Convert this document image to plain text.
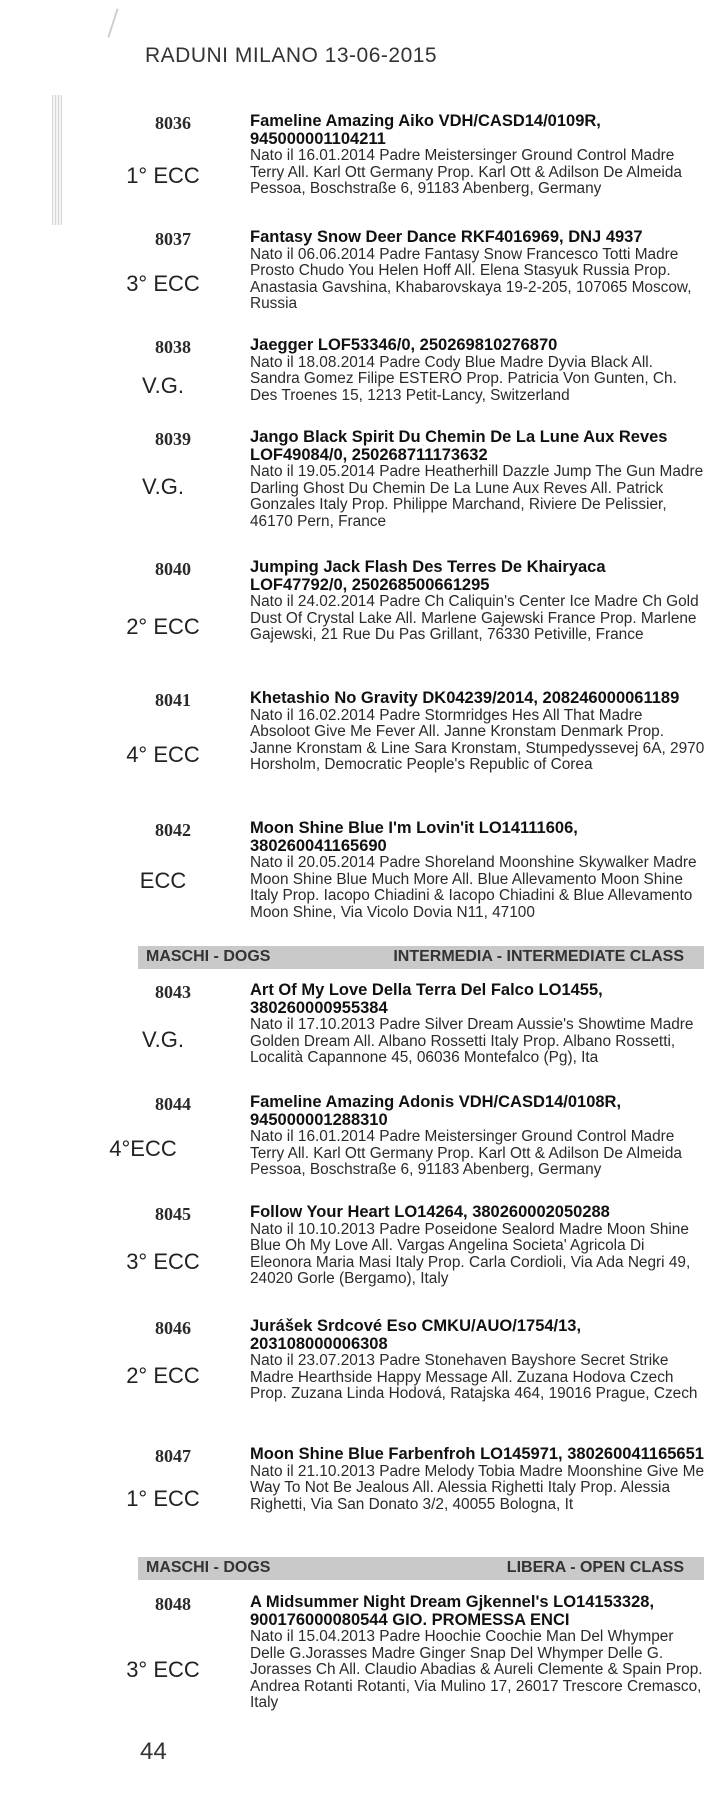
RADUNI MILANO 13-06-2015
8036
1° ECC
Fameline Amazing Aiko VDH/CASD14/0109R, 945000001104211
Nato il 16.01.2014 Padre Meistersinger Ground Control Madre Terry All. Karl Ott Germany Prop. Karl Ott & Adilson De Almeida Pessoa, Boschstraße 6, 91183 Abenberg, Germany
8037
3° ECC
Fantasy Snow Deer Dance RKF4016969, DNJ 4937
Nato il 06.06.2014 Padre Fantasy Snow Francesco Totti Madre Prosto Chudo You Helen Hoff All. Elena Stasyuk Russia Prop. Anastasia Gavshina, Khabarovskaya 19-2-205, 107065 Moscow, Russia
8038
V.G.
Jaegger LOF53346/0, 250269810276870
Nato il 18.08.2014 Padre Cody Blue Madre Dyvia Black All. Sandra Gomez Filipe ESTERO Prop. Patricia Von Gunten, Ch. Des Troenes 15, 1213 Petit-Lancy, Switzerland
8039
V.G.
Jango Black Spirit Du Chemin De La Lune Aux Reves LOF49084/0, 250268711173632
Nato il 19.05.2014 Padre Heatherhill Dazzle Jump The Gun Madre Darling Ghost Du Chemin De La Lune Aux Reves All. Patrick Gonzales Italy Prop. Philippe Marchand, Riviere De Pelissier, 46170 Pern, France
8040
2° ECC
Jumping Jack Flash Des Terres De Khairyaca LOF47792/0, 250268500661295
Nato il 24.02.2014 Padre Ch Caliquin's Center Ice Madre Ch Gold Dust Of Crystal Lake All. Marlene Gajewski France Prop. Marlene Gajewski, 21 Rue Du Pas Grillant, 76330 Petiville, France
8041
4° ECC
Khetashio No Gravity DK04239/2014, 208246000061189
Nato il 16.02.2014 Padre Stormridges Hes All That Madre Absoloot Give Me Fever All. Janne Kronstam Denmark Prop. Janne Kronstam & Line Sara Kronstam, Stumpedyssevej 6A, 2970 Horsholm, Democratic People's Republic of Corea
8042
ECC
Moon Shine Blue I'm Lovin'it LO14111606, 380260041165690
Nato il 20.05.2014 Padre Shoreland Moonshine Skywalker Madre Moon Shine Blue Much More All. Blue Allevamento Moon Shine Italy Prop. Iacopo Chiadini & Iacopo Chiadini & Blue Allevamento Moon Shine, Via Vicolo Dovia N11, 47100
MASCHI - DOGS	INTERMEDIA - INTERMEDIATE CLASS
8043
V.G.
Art Of My Love Della Terra Del Falco LO1455, 380260000955384
Nato il 17.10.2013 Padre Silver Dream Aussie's Showtime Madre Golden Dream All. Albano Rossetti Italy Prop. Albano Rossetti, Località Capannone 45, 06036 Montefalco (Pg), Ita
8044
4°ECC
Fameline Amazing Adonis VDH/CASD14/0108R, 945000001288310
Nato il 16.01.2014 Padre Meistersinger Ground Control Madre Terry All. Karl Ott Germany Prop. Karl Ott & Adilson De Almeida Pessoa, Boschstraße 6, 91183 Abenberg, Germany
8045
3° ECC
Follow Your Heart LO14264, 380260002050288
Nato il 10.10.2013 Padre Poseidone Sealord Madre Moon Shine Blue Oh My Love All. Vargas Angelina Societa' Agricola Di Eleonora Maria Masi Italy Prop. Carla Cordioli, Via Ada Negri 49, 24020 Gorle (Bergamo), Italy
8046
2° ECC
Jurášek Srdcové Eso CMKU/AUO/1754/13, 203108000006308
Nato il 23.07.2013 Padre Stonehaven Bayshore Secret Strike Madre Hearthside Happy Message All. Zuzana Hodova Czech Prop. Zuzana Linda Hodová, Ratajska 464, 19016 Prague, Czech
8047
1° ECC
Moon Shine Blue Farbenfroh LO145971, 380260041165651
Nato il 21.10.2013 Padre Melody Tobia Madre Moonshine Give Me Way To Not Be Jealous All. Alessia Righetti Italy Prop. Alessia Righetti, Via San Donato 3/2, 40055 Bologna, It
MASCHI - DOGS	LIBERA - OPEN CLASS
8048
3° ECC
A Midsummer Night Dream Gjkennel's LO14153328, 900176000080544 GIO. PROMESSA ENCI
Nato il 15.04.2013 Padre Hoochie Coochie Man Del Whymper Delle G.Jorasses Madre Ginger Snap Del Whymper Delle G. Jorasses Ch All. Claudio Abadias & Aureli Clemente & Spain Prop. Andrea Rotanti Rotanti, Via Mulino 17, 26017 Trescore Cremasco, Italy
44
